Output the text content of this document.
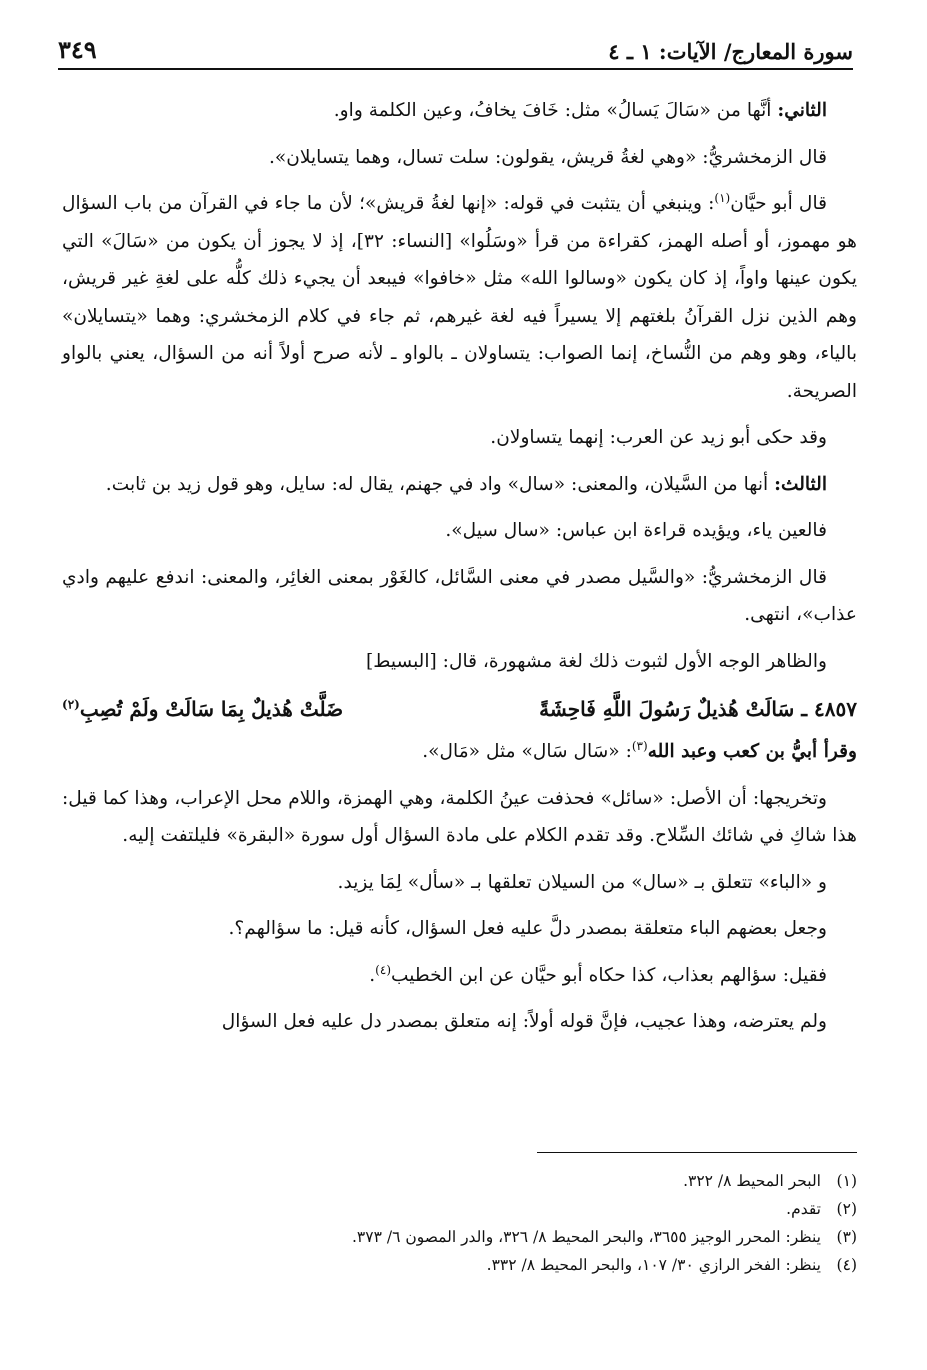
سورة المعارج/ الآيات: ١ ـ ٤
٣٤٩

الثاني: أنَّها من «سَالَ يَسالُ» مثل: خَافَ يخافُ، وعين الكلمة واو.

قال الزمخشريُّ: «وهي لغةُ قريش، يقولون: سلت تسال، وهما يتسايلان».

قال أبو حيَّان$^{(١)}$: وينبغي أن يتثبت في قوله: «إنها لغةُ قريش»؛ لأن ما جاء في القرآن من باب السؤال هو مهموز، أو أصله الهمز، كقراءة من قرأ «وسَلُوا» [النساء: ٣٢]، إذ لا يجوز أن يكون من «سَالَ» التي يكون عينها واواً، إذ كان يكون «وسالوا الله» مثل «خافوا» فيبعد أن يجيء ذلك كلُّه على لغةِ غير قريش، وهم الذين نزل القرآنُ بلغتهم إلا يسيراً فيه لغة غيرهم، ثم جاء في كلام الزمخشري: وهما «يتسايلان» بالياء، وهو وهم من النُّساخ، إنما الصواب: يتساولان ـ بالواو ـ لأنه صرح أولاً أنه من السؤال، يعني بالواو الصريحة.

وقد حكى أبو زيد عن العرب: إنهما يتساولان.

الثالث: أنها من السَّيلان، والمعنى: «سال» واد في جهنم، يقال له: سايل، وهو قول زيد بن ثابت.

فالعين ياء، ويؤيده قراءة ابن عباس: «سال سيل».

قال الزمخشريُّ: «والسَّيل مصدر في معنى السَّائل، كالغَوْر بمعنى الغائِر، والمعنى: اندفع عليهم وادي عذاب»، انتهى.

والظاهر الوجه الأول لثبوت ذلك لغة مشهورة، قال: [البسيط]

٤٨٥٧ ـ سَالَتْ هُذيلٌ رَسُولَ اللَّهِ فَاحِشَةً
ضَلَّتْ هُذيلٌ بِمَا سَالَتْ ولَمْ تُصِبِ$^{(٢)}$

وقرأ أبيُّ بن كعب وعبد الله$^{(٣)}$: «سَال سَال» مثل «مَال».

وتخريجها: أن الأصل: «سائل» فحذفت عينُ الكلمة، وهي الهمزة، واللام محل الإعراب، وهذا كما قيل: هذا شاكِ في شائك السِّلاح. وقد تقدم الكلام على مادة السؤال أول سورة «البقرة» فليلتفت إليه.

و «الباء» تتعلق بـ «سال» من السيلان تعلقها بـ «سأل» لِمَا يزيد.

وجعل بعضهم الباء متعلقة بمصدر دلَّ عليه فعل السؤال، كأنه قيل: ما سؤالهم؟.

فقيل: سؤالهم بعذاب، كذا حكاه أبو حيَّان عن ابن الخطيب$^{(٤)}$.

ولم يعترضه، وهذا عجيب، فإنَّ قوله أولاً: إنه متعلق بمصدر دل عليه فعل السؤال

(١)
البحر المحيط ٨/ ٣٢٢.
(٢)
تقدم.
(٣)
ينظر: المحرر الوجيز ٣٦٥٥، والبحر المحيط ٨/ ٣٢٦، والدر المصون ٦/ ٣٧٣.
(٤)
ينظر: الفخر الرازي ٣٠/ ١٠٧، والبحر المحيط ٨/ ٣٣٢.
